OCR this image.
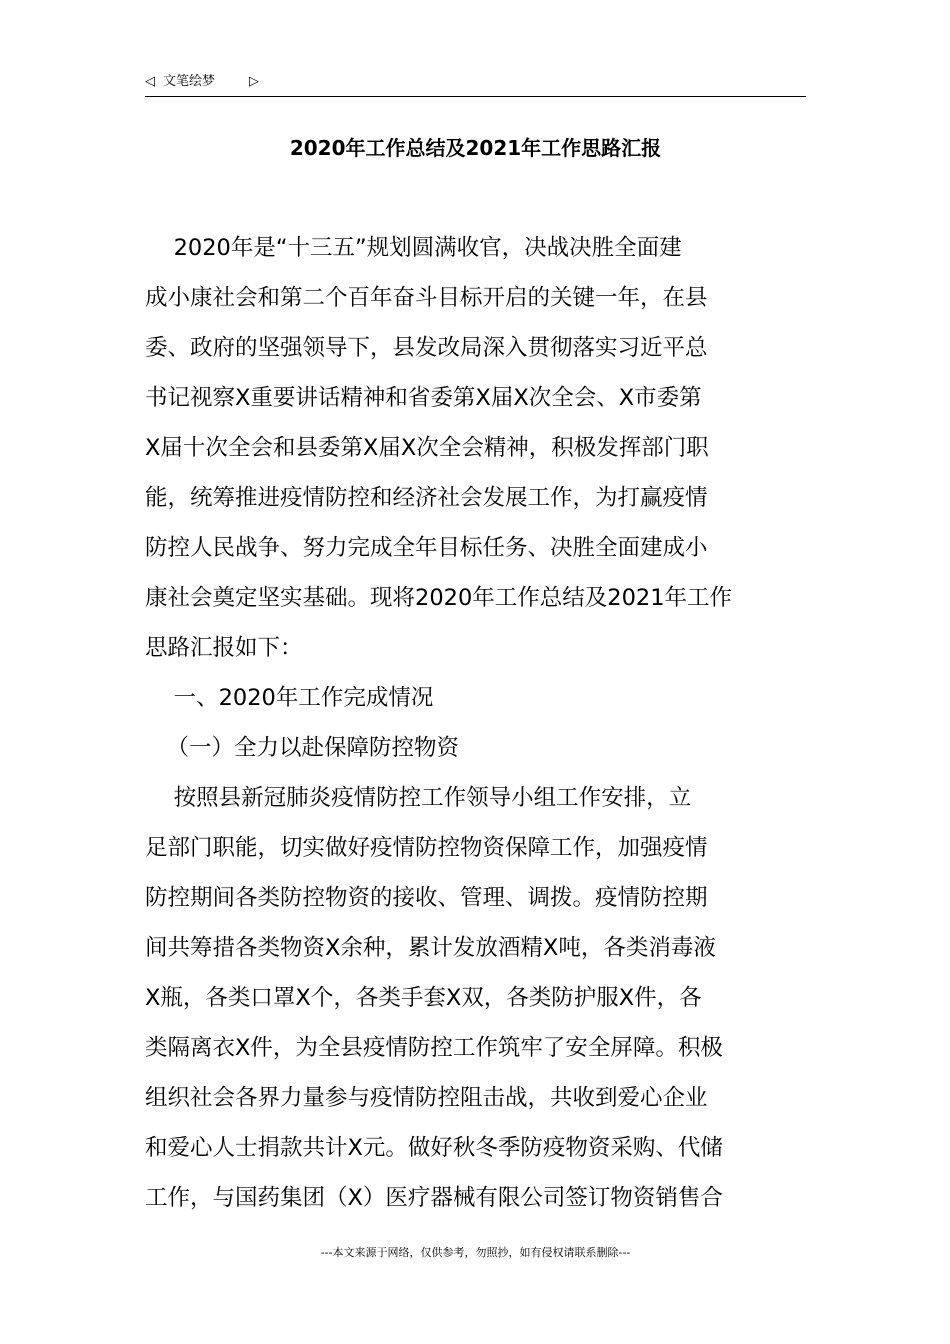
◁ 文笔绘梦	▷
2020年工作总结及2021年工作思路汇报
2020年是“十三五”规划圆满收官，决战决胜全面建
成小康社会和第二个百年奋斗目标开启的关键一年，在县
委、政府的坚强领导下，县发改局深入贯彻落实习近平总
书记视察X重要讲话精神和省委第X届X次全会、X市委第
X届十次全会和县委第X届X次全会精神，积极发挥部门职
能，统筹推进疫情防控和经济社会发展工作，为打赢疫情
防控人民战争、努力完成全年目标任务、决胜全面建成小
康社会奠定坚实基础。现将2020年工作总结及2021年工作
思路汇报如下：
一、2020年工作完成情况
（一）全力以赴保障防控物资
按照县新冠肺炎疫情防控工作领导小组工作安排，立
足部门职能，切实做好疫情防控物资保障工作，加强疫情
防控期间各类防控物资的接收、管理、调拨。疫情防控期
间共筹措各类物资X余种，累计发放酒精X吨，各类消毒液
X瓶，各类口罩X个，各类手套X双，各类防护服X件，各
类隔离衣X件，为全县疫情防控工作筑牢了安全屏障。积极
组织社会各界力量参与疫情防控阻击战，共收到爱心企业
和爱心人士捐款共计X元。做好秋冬季防疫物资采购、代储
工作，与国药集团（X）医疗器械有限公司签订物资销售合
---本文来源于网络，仅供参考，勿照抄，如有侵权请联系删除---
